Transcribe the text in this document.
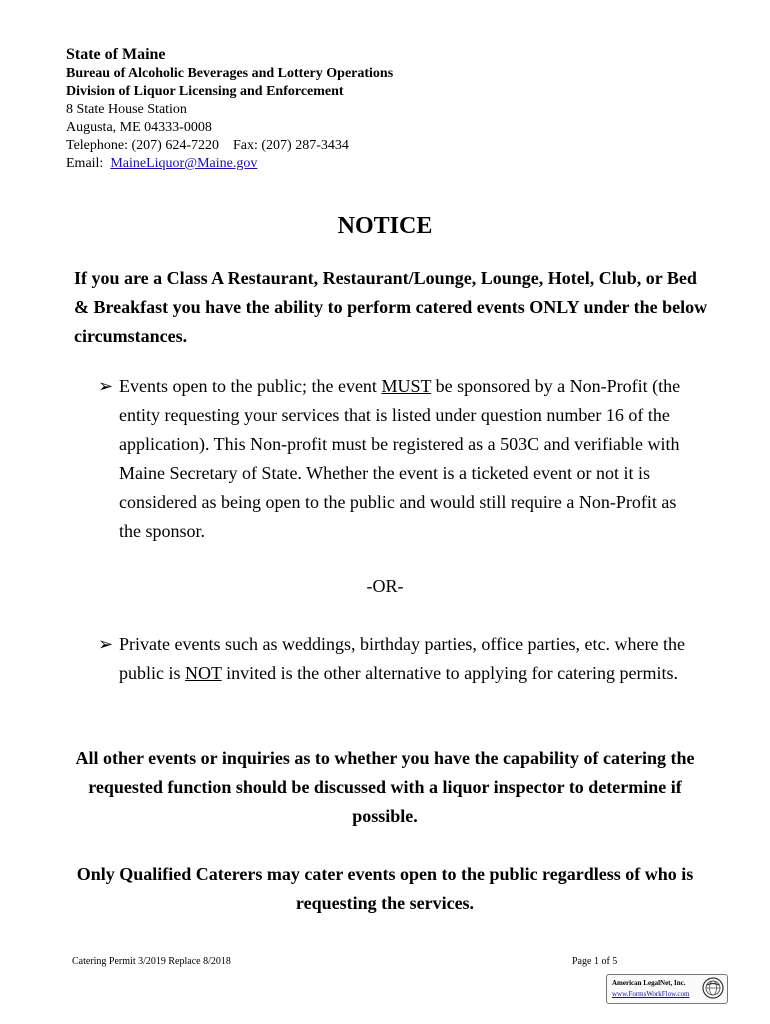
State of Maine
Bureau of Alcoholic Beverages and Lottery Operations
Division of Liquor Licensing and Enforcement
8 State House Station
Augusta, ME 04333-0008
Telephone: (207) 624-7220    Fax: (207) 287-3434
Email:  MaineLiquor@Maine.gov
NOTICE
If you are a Class A Restaurant, Restaurant/Lounge, Lounge, Hotel, Club, or Bed & Breakfast you have the ability to perform catered events ONLY under the below circumstances.
➢ Events open to the public; the event MUST be sponsored by a Non-Profit (the entity requesting your services that is listed under question number 16 of the application). This Non-profit must be registered as a 503C and verifiable with Maine Secretary of State. Whether the event is a ticketed event or not it is considered as being open to the public and would still require a Non-Profit as the sponsor.
-OR-
➢ Private events such as weddings, birthday parties, office parties, etc. where the public is NOT invited is the other alternative to applying for catering permits.
All other events or inquiries as to whether you have the capability of catering the requested function should be discussed with a liquor inspector to determine if possible.
Only Qualified Caterers may cater events open to the public regardless of who is requesting the services.
Catering Permit 3/2019 Replace 8/2018	Page 1 of 5
American LegalNet, Inc.
www.FormsWorkFlow.com
